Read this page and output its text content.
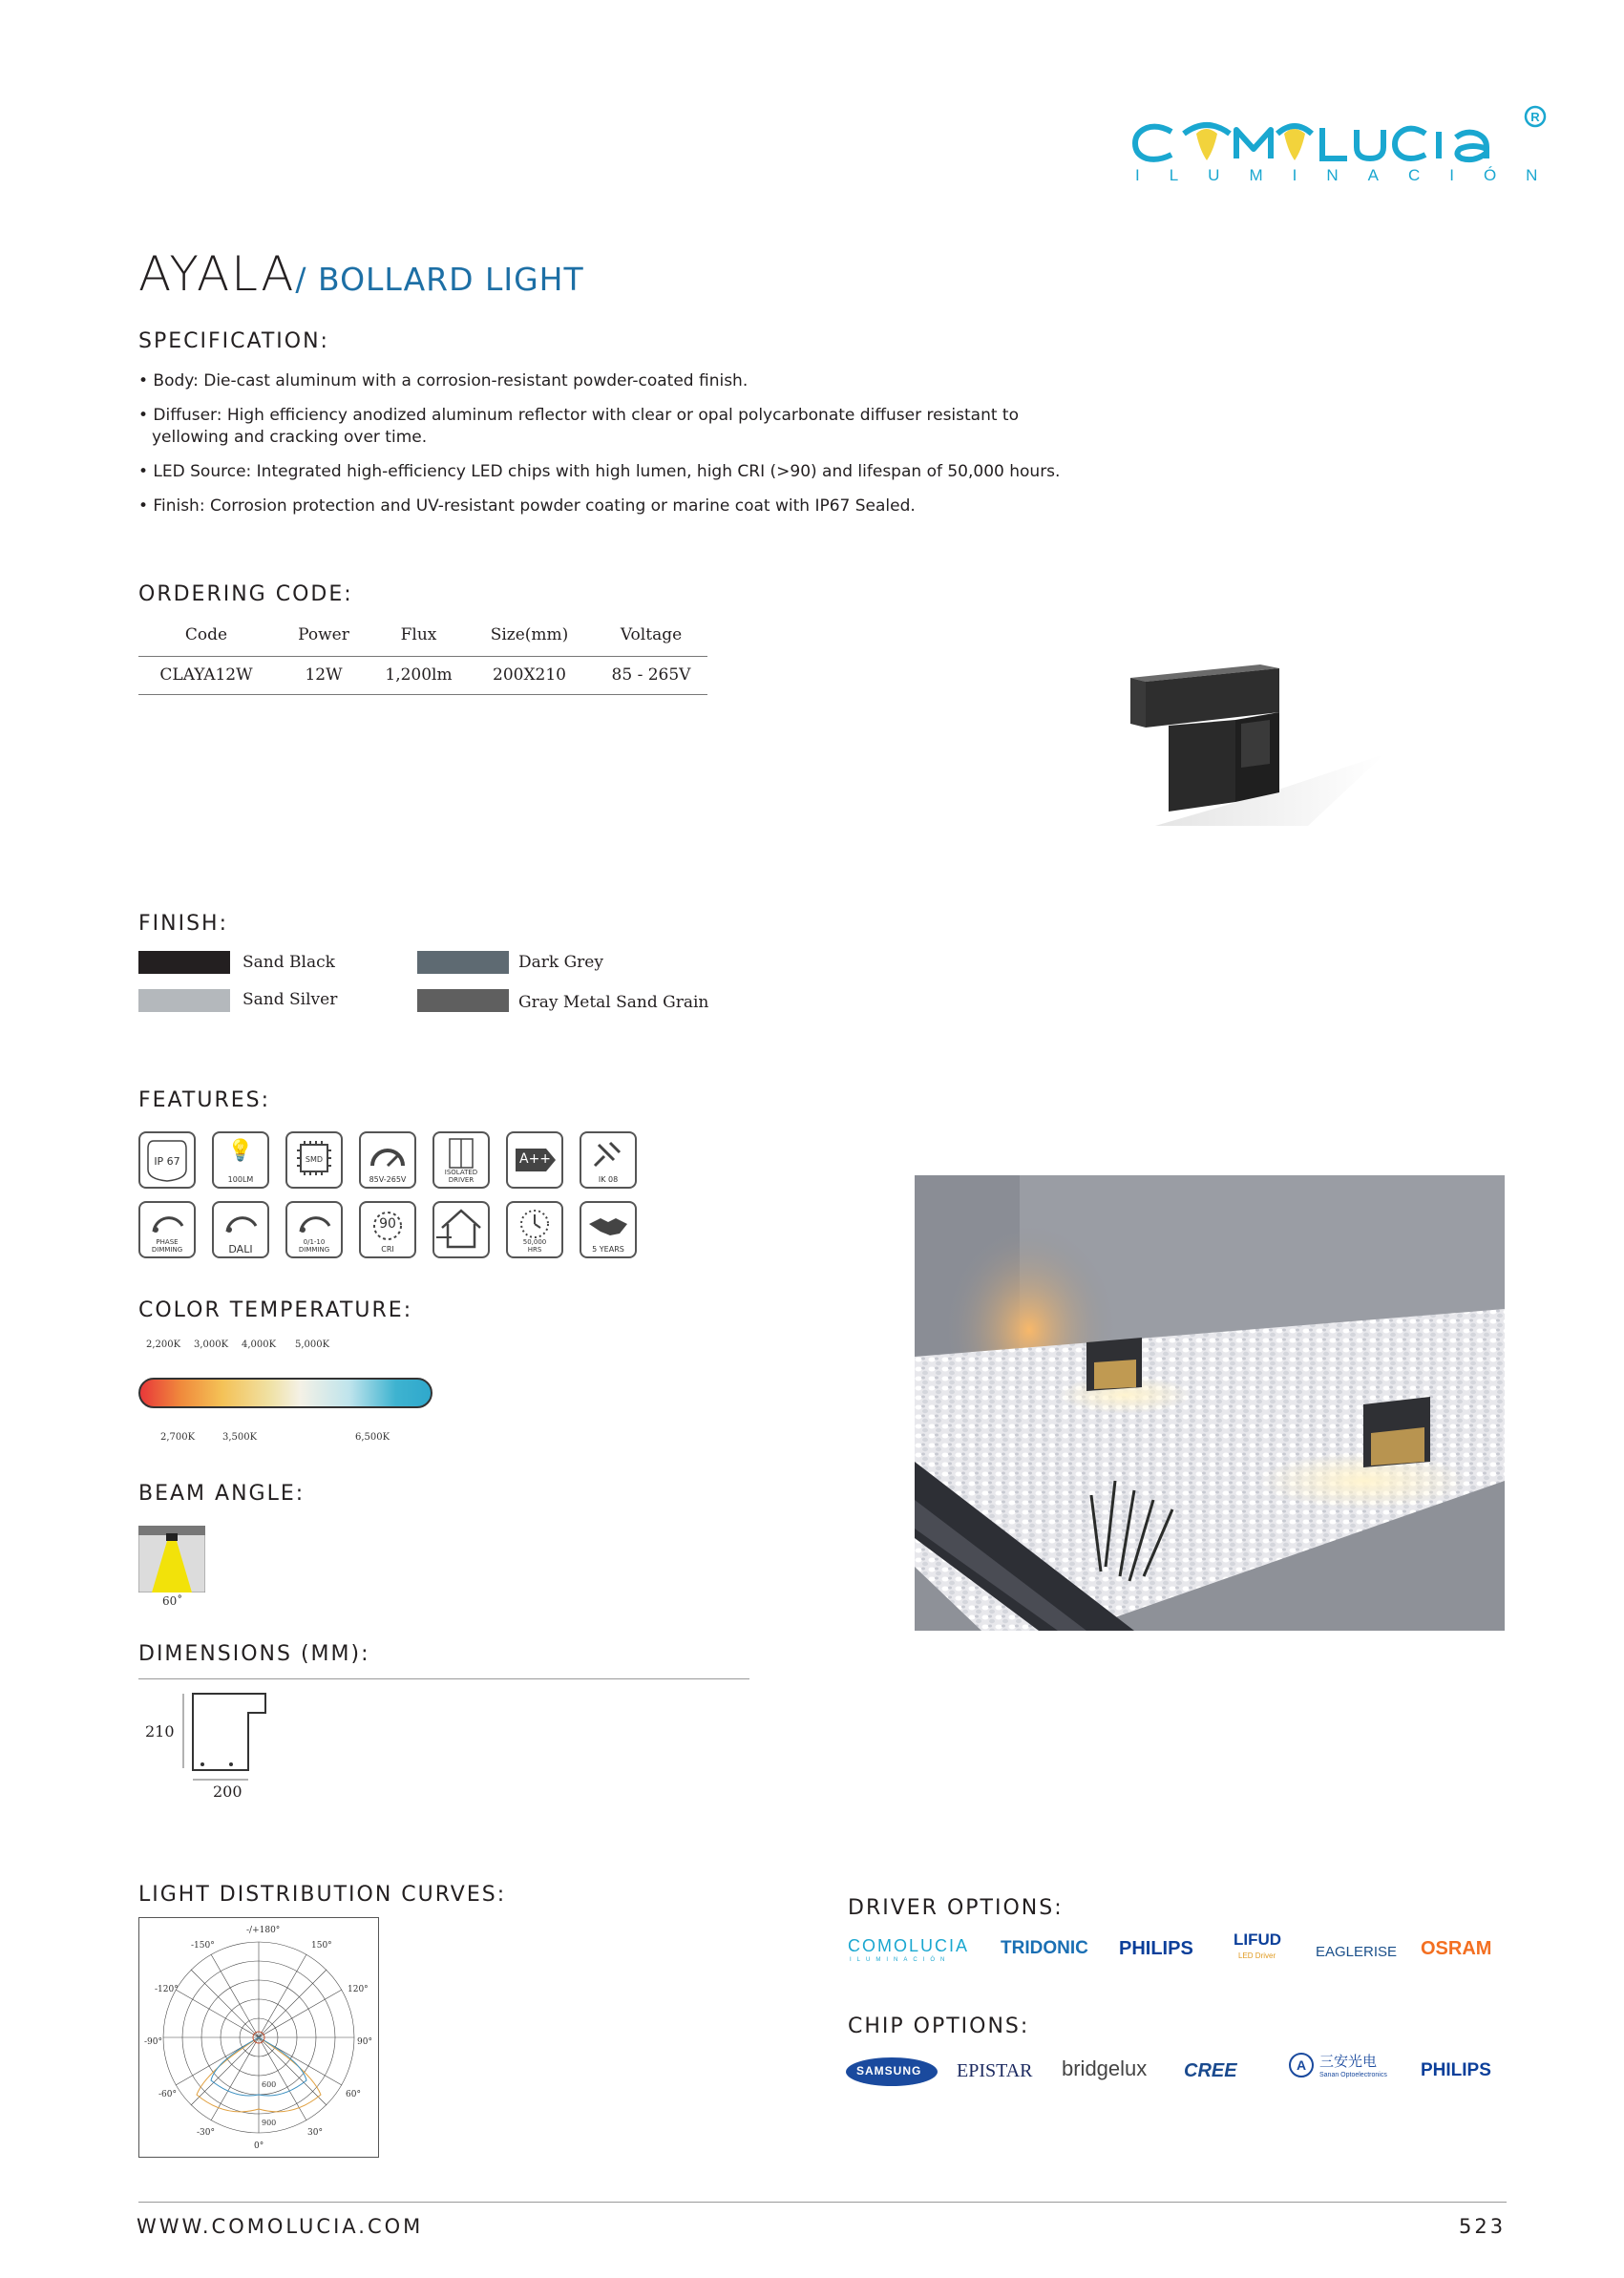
R
ILUMINACIÓN
AYALA/ BOLLARD LIGHT
SPECIFICATION:
• Body: Die-cast aluminum with a corrosion-resistant powder-coated finish.
• Diffuser: High efficiency anodized aluminum reflector with clear or opal polycarbonate diffuser resistant to
yellowing and cracking over time.
• LED Source: Integrated high-efficiency LED chips with high lumen, high CRI (>90) and lifespan of 50,000 hours.
• Finish: Corrosion protection and UV-resistant powder coating or marine coat with IP67 Sealed.
ORDERING CODE:
Code	Power	Flux	Size(mm)	Voltage
CLAYA12W	12W	1,200lm	200X210	85 - 265V
FINISH:
Sand Black	Dark Grey
Sand Silver	Gray Metal Sand Grain
FEATURES:
IP 67	💡
100LM
SMD
85V-265V
ISOLATED DRIVER
A++
IK 08
PHASE DIMMING	DALI
0/1-10 DIMMING
90
CRI
50,000 HRS	5 YEARS
COLOR TEMPERATURE:
2,200K 3,000K 4,000K 5,000K
2,700K	3,500K	6,500K
BEAM ANGLE:
60˚
DIMENSIONS (MM):
210
200
LIGHT DISTRIBUTION CURVES:
-/+180°
-150°	150°
-120°	120°
-90°	90°
-60°	60°
-30°	30°
0°
600
900
DRIVER OPTIONS:
COMOLUCIA
ILUMINACIÓN
TRIDONIC PHILIPS LIFUD
LED Driver	EAGLERISE OSRAM
CHIP OPTIONS:
SAMSUNG EPISTAR bridgelux CREE	A 三安光电
Sanan Optoelectronics PHILIPS
WWW.COMOLUCIA.COM	523
